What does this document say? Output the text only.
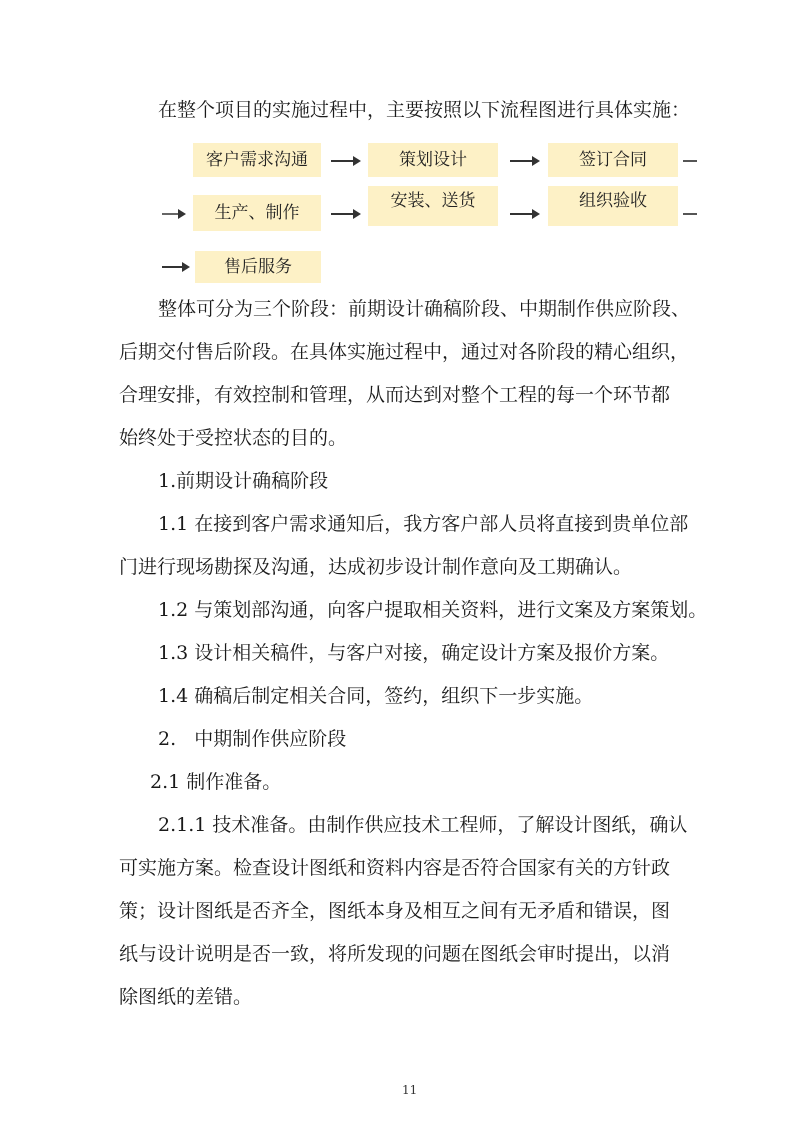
在整个项目的实施过程中，主要按照以下流程图进行具体实施：
客户需求沟通	策划设计	签订合同
生产、制作
安装、送货	组织验收
售后服务
整体可分为三个阶段：前期设计确稿阶段、中期制作供应阶段、
后期交付售后阶段。在具体实施过程中，通过对各阶段的精心组织，
合理安排，有效控制和管理，从而达到对整个工程的每一个环节都
始终处于受控状态的目的。
1.前期设计确稿阶段
1.1 在接到客户需求通知后，我方客户部人员将直接到贵单位部
门进行现场勘探及沟通，达成初步设计制作意向及工期确认。
1.2 与策划部沟通，向客户提取相关资料，进行文案及方案策划。
1.3 设计相关稿件，与客户对接，确定设计方案及报价方案。
1.4 确稿后制定相关合同，签约，组织下一步实施。
2.   中期制作供应阶段
2.1 制作准备。
2.1.1 技术准备。由制作供应技术工程师，了解设计图纸，确认
可实施方案。检查设计图纸和资料内容是否符合国家有关的方针政
策；设计图纸是否齐全，图纸本身及相互之间有无矛盾和错误，图
纸与设计说明是否一致，将所发现的问题在图纸会审时提出，以消
除图纸的差错。
11
